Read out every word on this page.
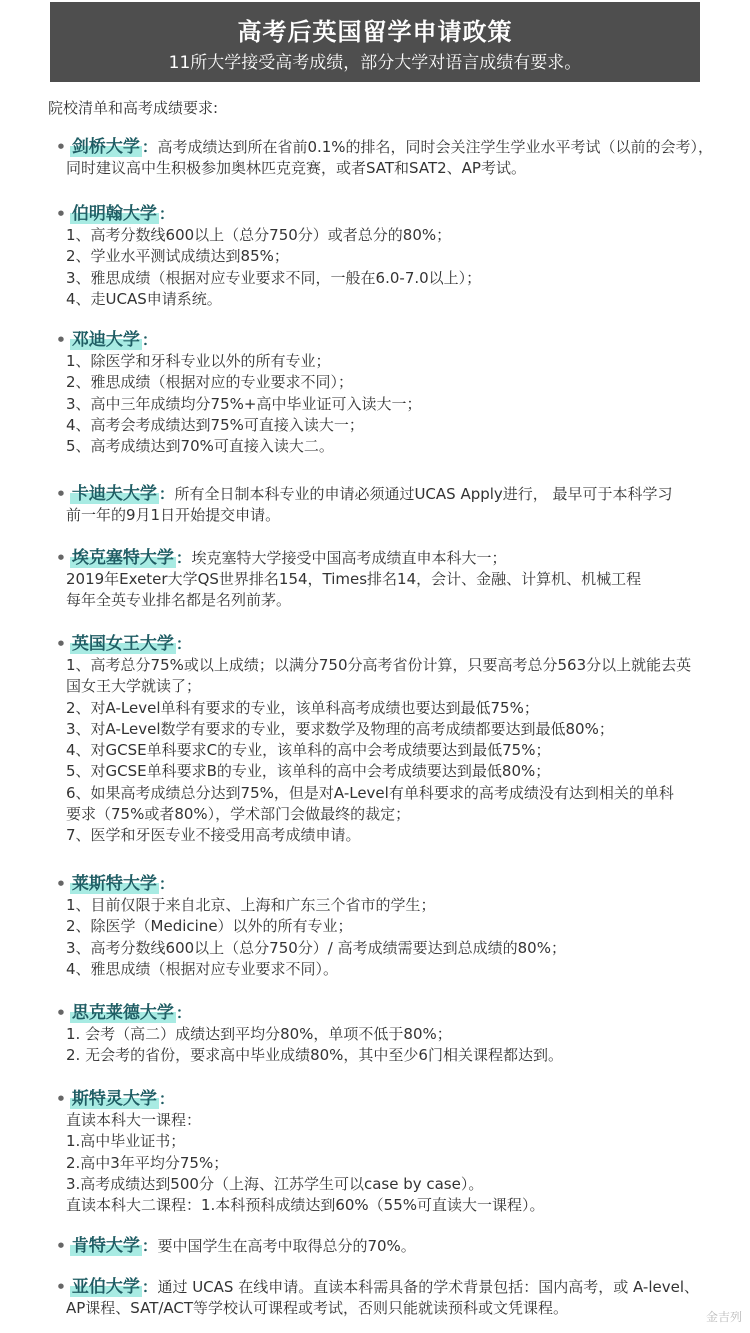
高考后英国留学申请政策
11所大学接受高考成绩，部分大学对语言成绩有要求。
院校清单和高考成绩要求:
• 剑桥大学 ：高考成绩达到所在省前0.1%的排名，同时会关注学生学业水平考试（以前的会考），
同时建议高中生积极参加奥林匹克竞赛，或者SAT和SAT2、AP考试。
• 伯明翰大学 ：
1、高考分数线600以上（总分750分）或者总分的80%；
2、学业水平测试成绩达到85%；
3、雅思成绩（根据对应专业要求不同，一般在6.0-7.0以上）；
4、走UCAS申请系统。
• 邓迪大学 ：
1、除医学和牙科专业以外的所有专业；
2、雅思成绩（根据对应的专业要求不同）；
3、高中三年成绩均分75%+高中毕业证可入读大一；
4、高考会考成绩达到75%可直接入读大一；
5、高考成绩达到70%可直接入读大二。
• 卡迪夫大学 ：所有全日制本科专业的申请必须通过UCAS Apply进行， 最早可于本科学习
前一年的9月1日开始提交申请。
• 埃克塞特大学 ：埃克塞特大学接受中国高考成绩直申本科大一；
2019年Exeter大学QS世界排名154，Times排名14，会计、金融、计算机、机械工程
每年全英专业排名都是名列前茅。
• 英国女王大学 ：
1、高考总分75%或以上成绩；以满分750分高考省份计算，只要高考总分563分以上就能去英
国女王大学就读了；
2、对A-Level单科有要求的专业，该单科高考成绩也要达到最低75%；
3、对A-Level数学有要求的专业，要求数学及物理的高考成绩都要达到最低80%；
4、对GCSE单科要求C的专业，该单科的高中会考成绩要达到最低75%；
5、对GCSE单科要求B的专业，该单科的高中会考成绩要达到最低80%；
6、如果高考成绩总分达到75%，但是对A-Level有单科要求的高考成绩没有达到相关的单科
要求（75%或者80%），学术部门会做最终的裁定；
7、医学和牙医专业不接受用高考成绩申请。
• 莱斯特大学 ：
1、目前仅限于来自北京、上海和广东三个省市的学生；
2、除医学（Medicine）以外的所有专业；
3、高考分数线600以上（总分750分）/ 高考成绩需要达到总成绩的80%；
4、雅思成绩（根据对应专业要求不同）。
• 思克莱德大学 ：
1. 会考（高二）成绩达到平均分80%，单项不低于80%；
2. 无会考的省份，要求高中毕业成绩80%，其中至少6门相关课程都达到。
• 斯特灵大学 ：
直读本科大一课程：
1.高中毕业证书；
2.高中3年平均分75%；
3.高考成绩达到500分（上海、江苏学生可以case by case）。
直读本科大二课程：1.本科预科成绩达到60%（55%可直读大一课程）。
• 肯特大学 ：要中国学生在高考中取得总分的70%。
• 亚伯大学 ：通过 UCAS 在线申请。直读本科需具备的学术背景包括：国内高考，或 A-level、
AP课程、SAT/ACT等学校认可课程或考试，否则只能就读预科或文凭课程。	金吉列
